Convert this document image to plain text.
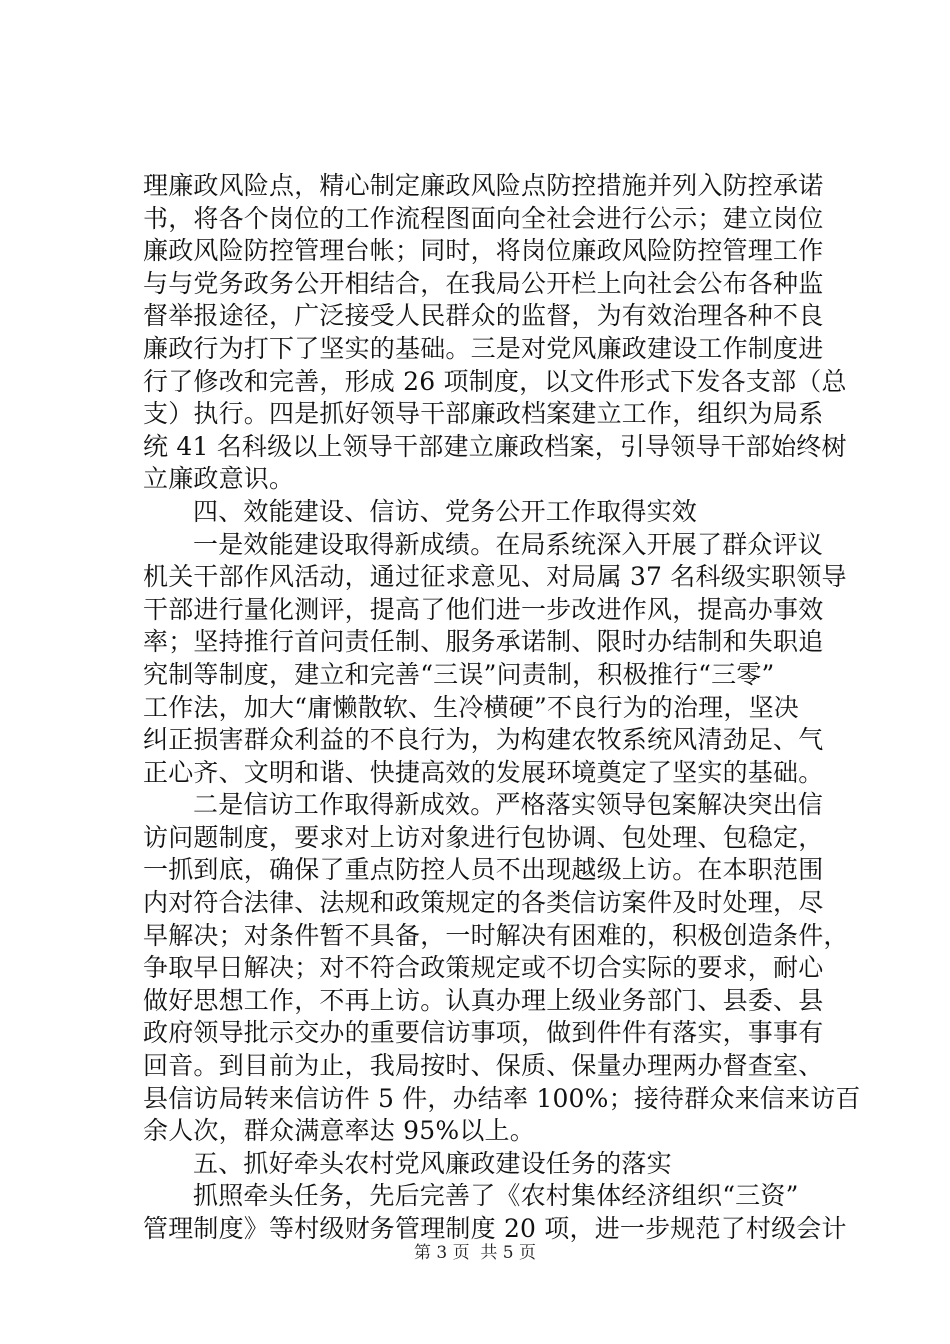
理廉政风险点，精心制定廉政风险点防控措施并列入防控承诺
书，将各个岗位的工作流程图面向全社会进行公示；建立岗位
廉政风险防控管理台帐；同时，将岗位廉政风险防控管理工作
与与党务政务公开相结合，在我局公开栏上向社会公布各种监
督举报途径，广泛接受人民群众的监督，为有效治理各种不良
廉政行为打下了坚实的基础。三是对党风廉政建设工作制度进
行了修改和完善，形成 26 项制度，以文件形式下发各支部（总
支）执行。四是抓好领导干部廉政档案建立工作，组织为局系
统 41 名科级以上领导干部建立廉政档案，引导领导干部始终树
立廉政意识。
四、效能建设、信访、党务公开工作取得实效
一是效能建设取得新成绩。在局系统深入开展了群众评议
机关干部作风活动，通过征求意见、对局属 37 名科级实职领导
干部进行量化测评，提高了他们进一步改进作风，提高办事效
率；坚持推行首问责任制、服务承诺制、限时办结制和失职追
究制等制度，建立和完善“三误”问责制，积极推行“三零”
工作法，加大“庸懒散软、生冷横硬”不良行为的治理，坚决
纠正损害群众利益的不良行为，为构建农牧系统风清劲足、气
正心齐、文明和谐、快捷高效的发展环境奠定了坚实的基础。
二是信访工作取得新成效。严格落实领导包案解决突出信
访问题制度，要求对上访对象进行包协调、包处理、包稳定，
一抓到底，确保了重点防控人员不出现越级上访。在本职范围
内对符合法律、法规和政策规定的各类信访案件及时处理，尽
早解决；对条件暂不具备，一时解决有困难的，积极创造条件，
争取早日解决；对不符合政策规定或不切合实际的要求，耐心
做好思想工作，不再上访。认真办理上级业务部门、县委、县
政府领导批示交办的重要信访事项，做到件件有落实，事事有
回音。到目前为止，我局按时、保质、保量办理两办督查室、
县信访局转来信访件 5 件，办结率 100%；接待群众来信来访百
余人次，群众满意率达 95%以上。
五、抓好牵头农村党风廉政建设任务的落实
抓照牵头任务，先后完善了《农村集体经济组织“三资”
管理制度》等村级财务管理制度 20 项，进一步规范了村级会计
第 3 页 共 5 页
